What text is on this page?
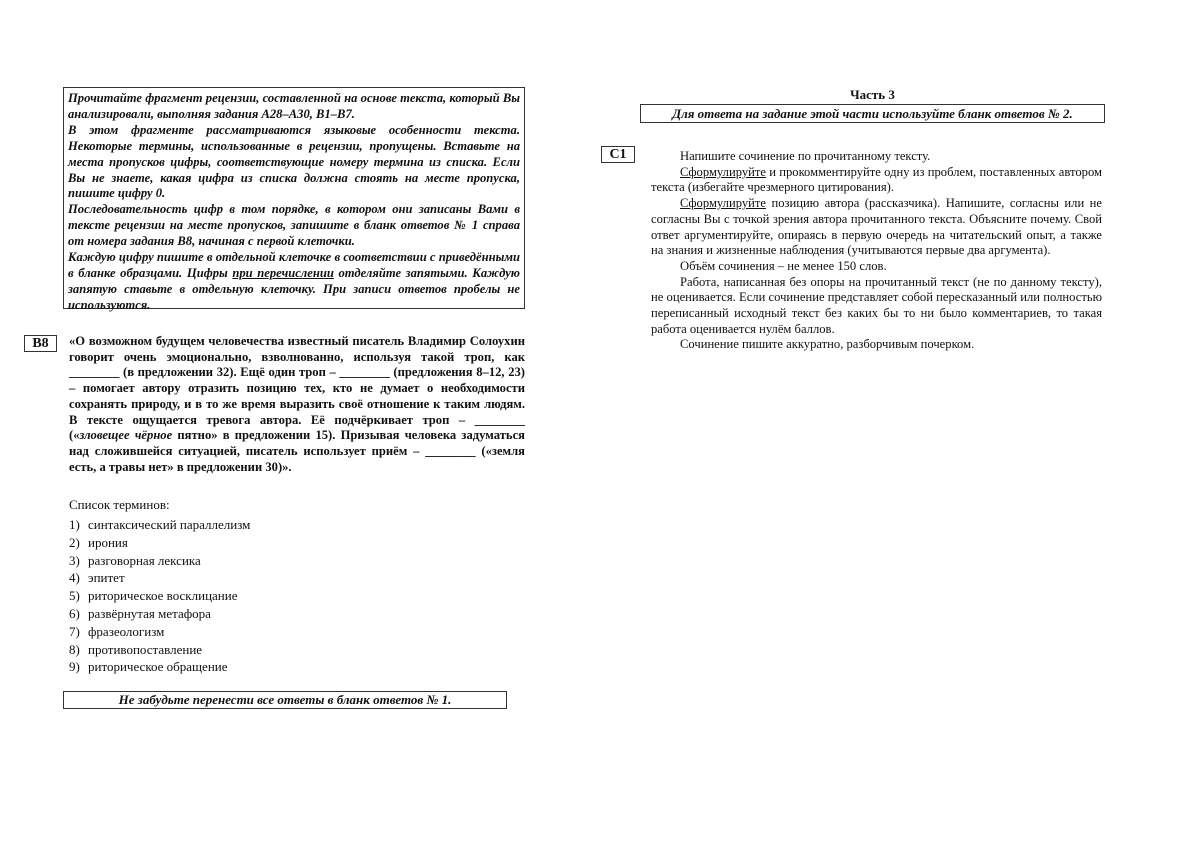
Прочитайте фрагмент рецензии, составленной на основе текста, который Вы анализировали, выполняя задания А28–А30, В1–В7.

В этом фрагменте рассматриваются языковые особенности текста. Некоторые термины, использованные в рецензии, пропущены. Вставьте на места пропусков цифры, соответствующие номеру термина из списка. Если Вы не знаете, какая цифра из списка должна стоять на месте пропуска, пишите цифру 0.

Последовательность цифр в том порядке, в котором они записаны Вами в тексте рецензии на месте пропусков, запишите в бланк ответов № 1 справа от номера задания В8, начиная с первой клеточки.

Каждую цифру пишите в отдельной клеточке в соответствии с приведёнными в бланке образцами. Цифры при перечислении отделяйте запятыми. Каждую запятую ставьте в отдельную клеточку. При записи ответов пробелы не используются.

В8	«О возможном будущем человечества известный писатель Владимир Солоухин говорит очень эмоционально, взволнованно, используя такой троп, как ________ (в предложении 32). Ещё один троп – ________ (предложения 8–12, 23) – помогает автору отразить позицию тех, кто не думает о необходимости сохранять природу, и в то же время выразить своё отношение к таким людям. В тексте ощущается тревога автора. Её подчёркивает троп – ________ («зловещее чёрное пятно» в предложении 15). Призывая человека задуматься над сложившейся ситуацией, писатель использует приём – ________ («земля есть, а травы нет» в предложении 30)».

Список терминов:
1) синтаксический параллелизм
2) ирония
3) разговорная лексика
4) эпитет
5) риторическое восклицание
6) развёрнутая метафора
7) фразеологизм
8) противопоставление
9) риторическое обращение
Не забудьте перенести все ответы в бланк ответов № 1.
Часть 3
Для ответа на задание этой части используйте бланк ответов № 2.
С1	Напишите сочинение по прочитанному тексту.

Сформулируйте и прокомментируйте одну из проблем, поставленных автором текста (избегайте чрезмерного цитирования).

Сформулируйте позицию автора (рассказчика). Напишите, согласны или не согласны Вы с точкой зрения автора прочитанного текста. Объясните почему. Свой ответ аргументируйте, опираясь в первую очередь на читательский опыт, а также на знания и жизненные наблюдения (учитываются первые два аргумента).

Объём сочинения – не менее 150 слов.

Работа, написанная без опоры на прочитанный текст (не по данному тексту), не оценивается. Если сочинение представляет собой пересказанный или полностью переписанный исходный текст без каких бы то ни было комментариев, то такая работа оценивается нулём баллов.

Сочинение пишите аккуратно, разборчивым почерком.
